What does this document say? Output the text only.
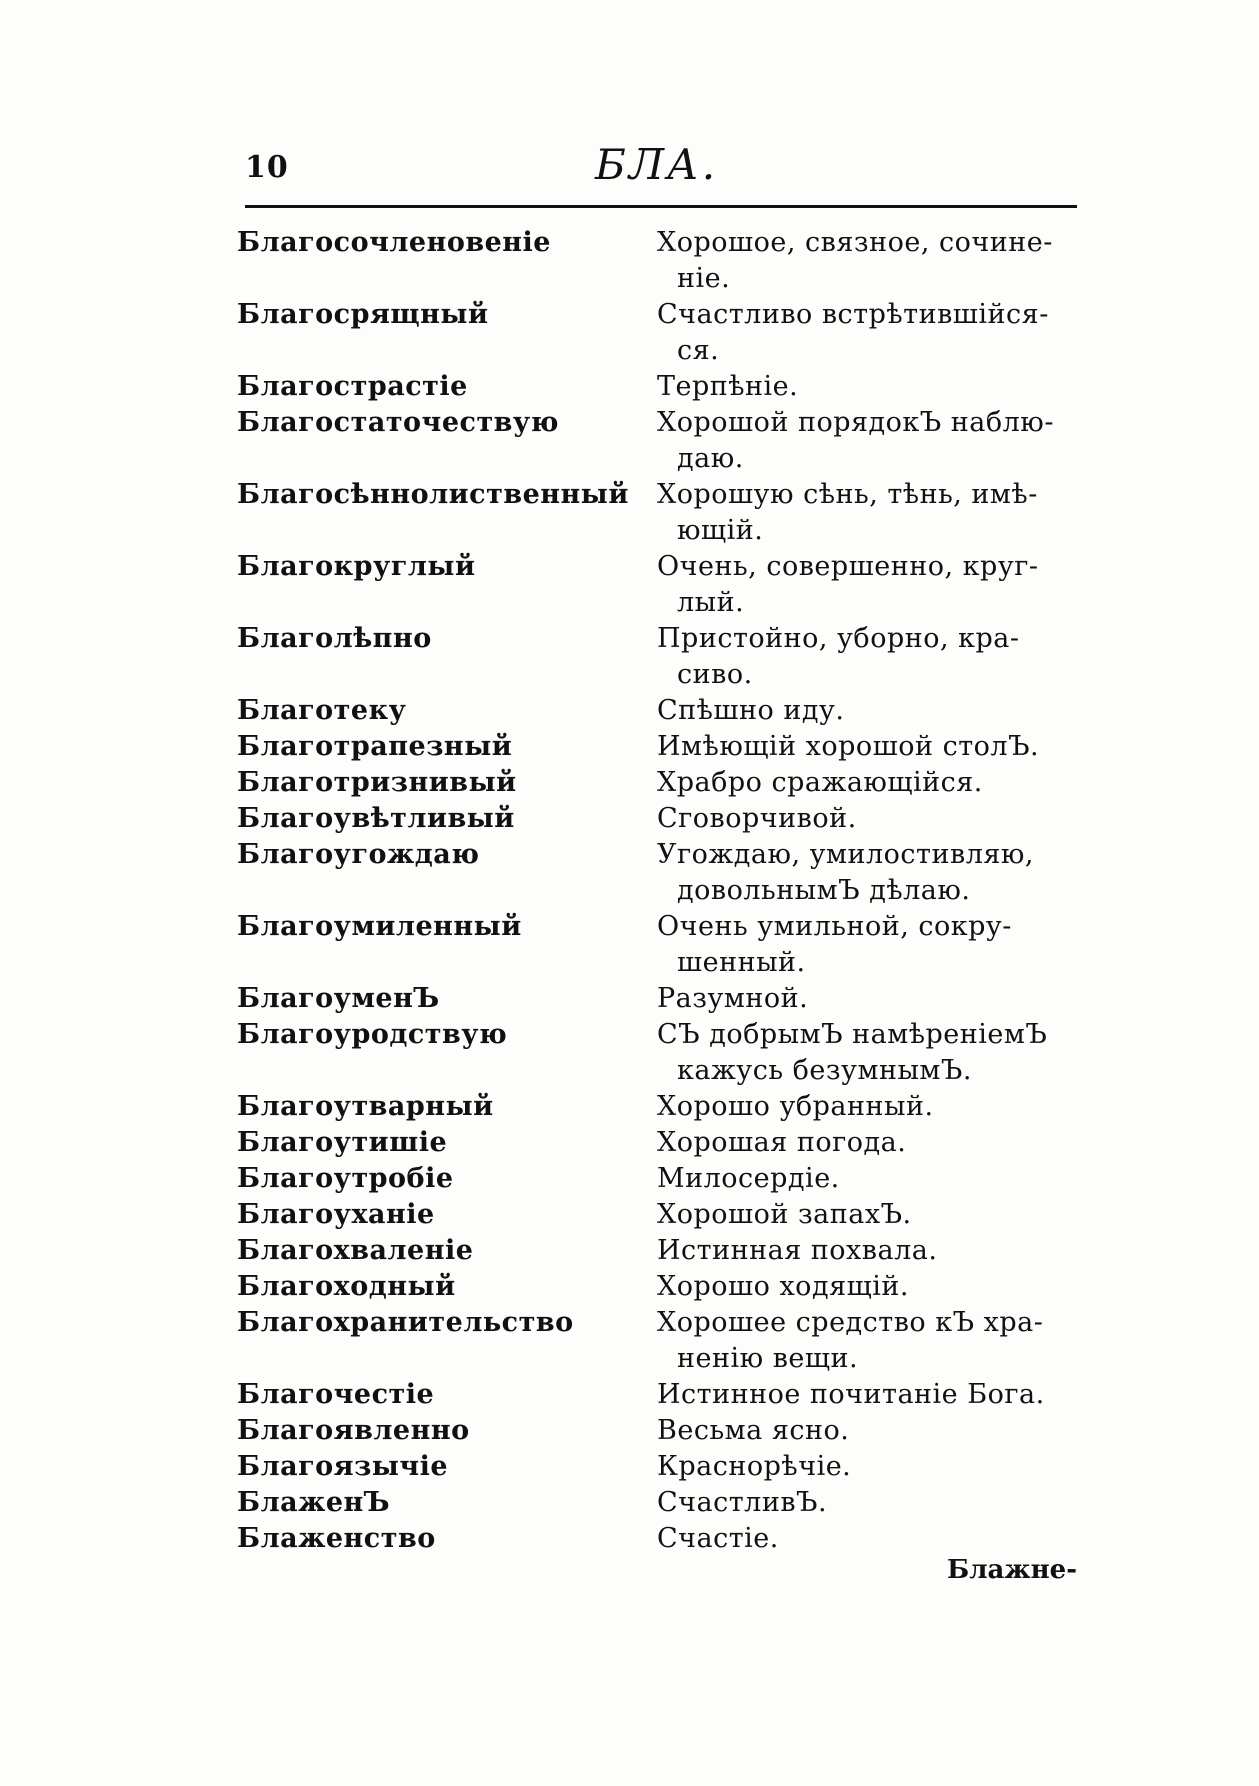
10	БЛА.
Благосочленовеніе	Хорошое, связное, сочине-
ніе.
Благосрящный	Счастливо встрѣтившійся-
ся.
Благострастіе	Терпѣніе.
Благостаточествую	Хорошой порядокЪ наблю-
даю.
Благосѣннолиственный	Хорошую сѣнь, тѣнь, имѣ-
ющій.
Благокруглый	Очень, совершенно, круг-
лый.
Благолѣпно	Пристойно, уборно, кра-
сиво.
Благотеку	Спѣшно иду.
Благотрапезный	Имѣющій хорошой столЪ.
Благотризнивый	Храбро сражающійся.
Благоувѣтливый	Сговорчивой.
Благоугождаю	Угождаю, умилостивляю,
довольнымЪ дѣлаю.
Благоумиленный	Очень умильной, сокру-
шенный.
БлагоуменЪ	Разумной.
Благоуродствую	СЪ добрымЪ намѣреніемЪ
кажусь безумнымЪ.
Благоутварный	Хорошо убранный.
Благоутишіе	Хорошая погода.
Благоутробіе	Милосердіе.
Благоуханіе	Хорошой запахЪ.
Благохваленіе	Истинная похвала.
Благоходный	Хорошо ходящій.
Благохранительство	Хорошее средство кЪ хра-
ненію вещи.
Благочестіе	Истинное почитаніе Бога.
Благоявленно	Весьма ясно.
Благоязычіе	Краснорѣчіе.
БлаженЪ	СчастливЪ.
Блаженство	Счастіе.
Блажне-
